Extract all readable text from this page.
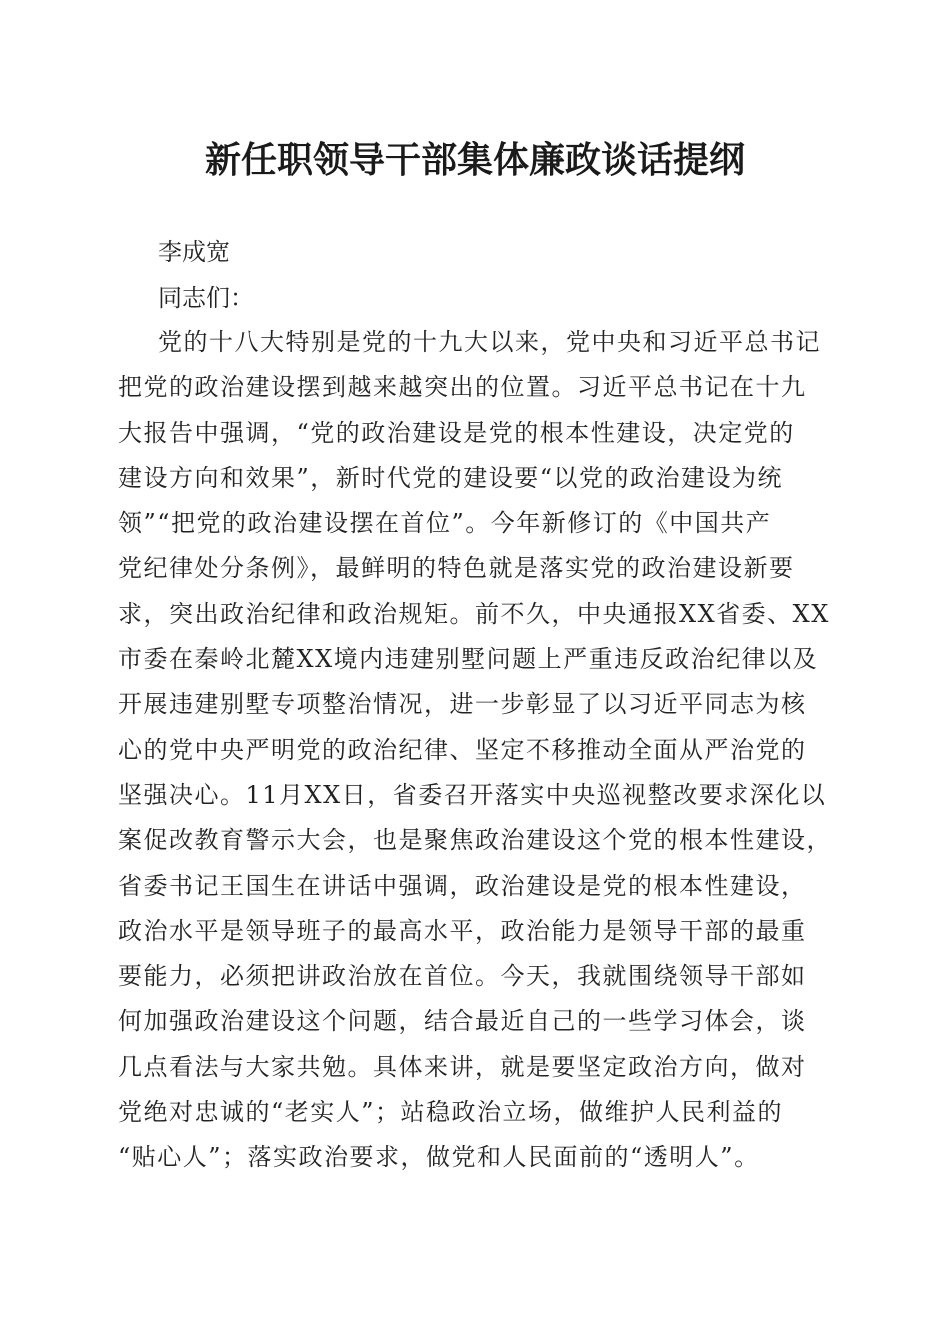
新任职领导干部集体廉政谈话提纲

李成宽

同志们：

党的十八大特别是党的十九大以来，党中央和习近平总书记
把党的政治建设摆到越来越突出的位置。习近平总书记在十九
大报告中强调，“党的政治建设是党的根本性建设，决定党的
建设方向和效果”，新时代党的建设要“以党的政治建设为统
领”“把党的政治建设摆在首位”。今年新修订的《中国共产
党纪律处分条例》，最鲜明的特色就是落实党的政治建设新要
求，突出政治纪律和政治规矩。前不久，中央通报XX省委、XX
市委在秦岭北麓XX境内违建别墅问题上严重违反政治纪律以及
开展违建别墅专项整治情况，进一步彰显了以习近平同志为核
心的党中央严明党的政治纪律、坚定不移推动全面从严治党的
坚强决心。11月XX日，省委召开落实中央巡视整改要求深化以
案促改教育警示大会，也是聚焦政治建设这个党的根本性建设，
省委书记王国生在讲话中强调，政治建设是党的根本性建设，
政治水平是领导班子的最高水平，政治能力是领导干部的最重
要能力，必须把讲政治放在首位。今天，我就围绕领导干部如
何加强政治建设这个问题，结合最近自己的一些学习体会，谈
几点看法与大家共勉。具体来讲，就是要坚定政治方向，做对
党绝对忠诚的“老实人”；站稳政治立场，做维护人民利益的
“贴心人”；落实政治要求，做党和人民面前的“透明人”。
